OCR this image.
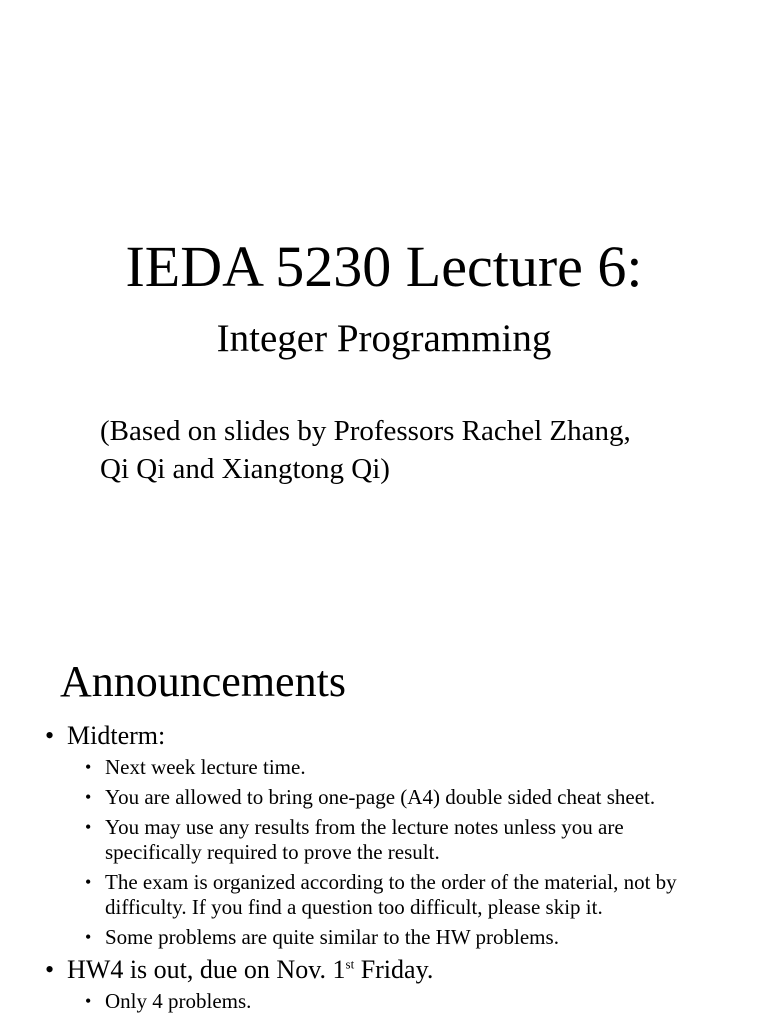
IEDA 5230 Lecture 6:
Integer Programming
(Based on slides by Professors Rachel Zhang,
Qi Qi and Xiangtong Qi)
Announcements
• Midterm:
• Next week lecture time.
• You are allowed to bring one-page (A4) double sided cheat sheet.
• You may use any results from the lecture notes unless you are
specifically required to prove the result.
• The exam is organized according to the order of the material, not by
difficulty. If you find a question too difficult, please skip it.
• Some problems are quite similar to the HW problems.
• HW4 is out, due on Nov. 1st Friday.
• Only 4 problems.
